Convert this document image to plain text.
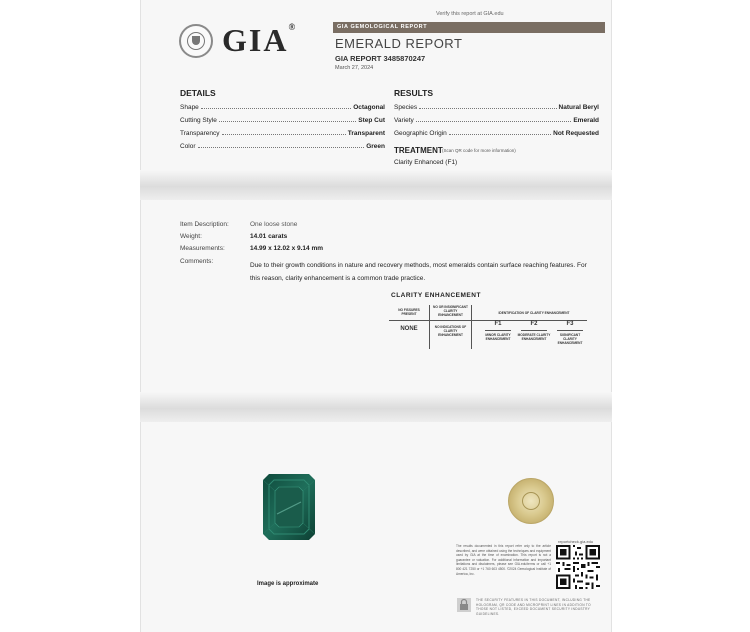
Verify this report at GIA.edu
GIA®	GIA GEMOLOGICAL REPORT
EMERALD REPORT
GIA REPORT 3485870247
March 27, 2024
DETAILS
Shape	Octagonal
Cutting Style	Step Cut
Transparency	Transparent
Color	Green
RESULTS
Species	Natural Beryl
Variety	Emerald
Geographic Origin	Not Requested
TREATMENT (Scan QR code for more information)
Clarity Enhanced (F1)
Item Description:	One loose stone
Weight:	14.01 carats
Measurements:	14.99 x 12.02 x 9.14 mm
Comments:
Due to their growth conditions in nature and recovery methods, most emeralds contain surface reaching features. For this reason, clarity enhancement is a common trade practice.
CLARITY ENHANCEMENT
NO FISSURES PRESENT
NO OR INSIGNIFICANT CLARITY ENHANCEMENT	IDENTIFICATION OF CLARITY ENHANCEMENT
NONE	NO INDICATIONS OF CLARITY ENHANCEMENT
F1	F2	F3
MINOR CLARITY ENHANCEMENT
MODERATE CLARITY ENHANCEMENT
SIGNIFICANT CLARITY ENHANCEMENT
Image is approximate
The results documented in this report refer only to the article described, and were obtained using the techniques and equipment used by GIA at the time of examination. This report is not a guarantee or valuation. For additional information and important limitations and disclaimers, please see GIA.edu/terms or call +1 800 421 7250 or +1 760 603 4500. ©2024 Gemological Institute of America, Inc.
reportcheck.gia.edu
THE SECURITY FEATURES IN THIS DOCUMENT, INCLUDING THE HOLOGRAM, QR CODE AND MICROPRINT LINES IN ADDITION TO THOSE NOT LISTED, EXCEED DOCUMENT SECURITY INDUSTRY GUIDELINES.
